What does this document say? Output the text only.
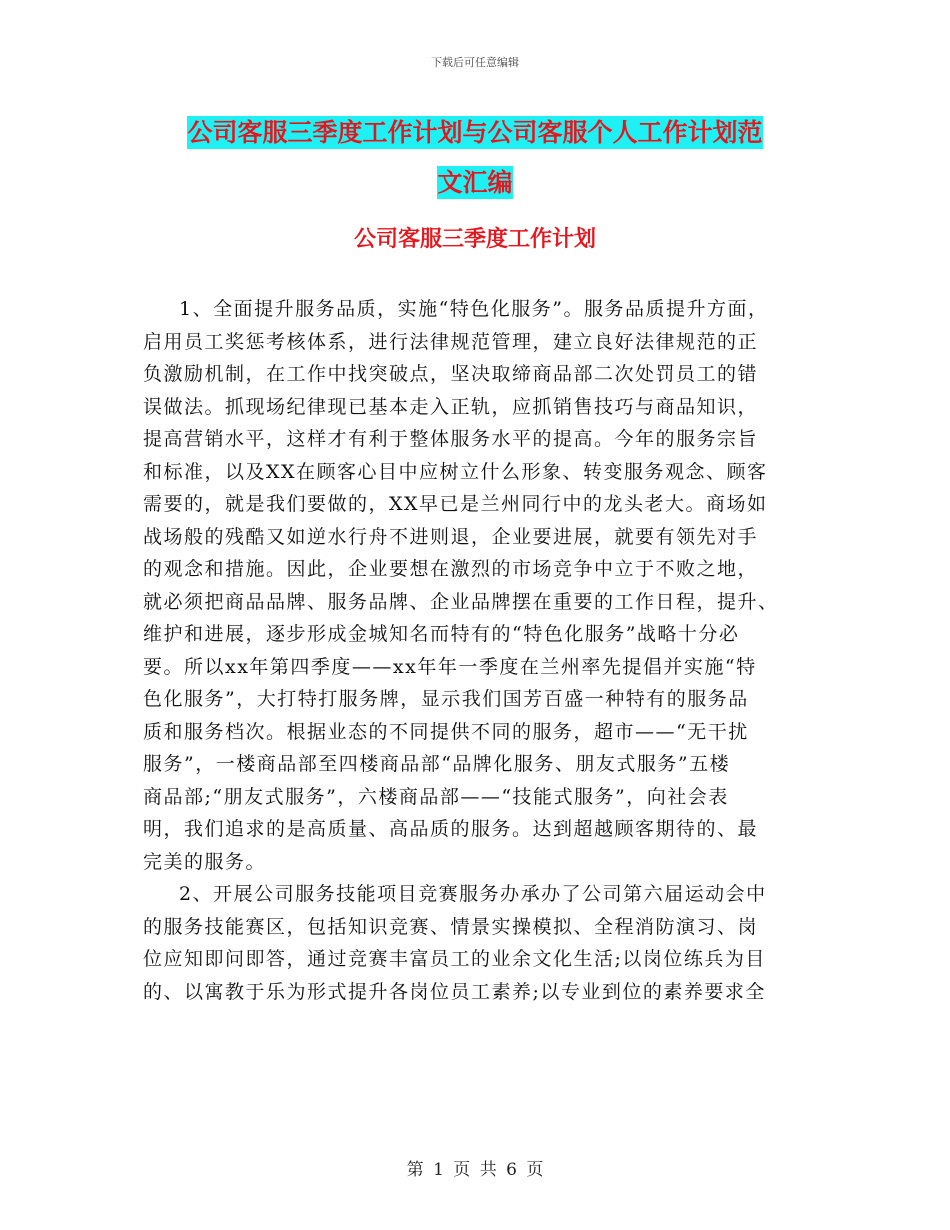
下载后可任意编辑
公司客服三季度工作计划与公司客服个人工作计划范
文汇编
公司客服三季度工作计划
1、全面提升服务品质，实施“特色化服务”。服务品质提升方面，
启用员工奖惩考核体系，进行法律规范管理，建立良好法律规范的正
负激励机制，在工作中找突破点，坚决取缔商品部二次处罚员工的错
误做法。抓现场纪律现已基本走入正轨，应抓销售技巧与商品知识，
提高营销水平，这样才有利于整体服务水平的提高。今年的服务宗旨
和标准，以及XX在顾客心目中应树立什么形象、转变服务观念、顾客
需要的，就是我们要做的，XX早已是兰州同行中的龙头老大。商场如
战场般的残酷又如逆水行舟不进则退，企业要进展，就要有领先对手
的观念和措施。因此，企业要想在激烈的市场竞争中立于不败之地，
就必须把商品品牌、服务品牌、企业品牌摆在重要的工作日程，提升、
维护和进展，逐步形成金城知名而特有的“特色化服务”战略十分必
要。所以xx年第四季度——xx年年一季度在兰州率先提倡并实施“特
色化服务”，大打特打服务牌，显示我们国芳百盛一种特有的服务品
质和服务档次。根据业态的不同提供不同的服务，超市——“无干扰
服务”，一楼商品部至四楼商品部“品牌化服务、朋友式服务”五楼
商品部;“朋友式服务”，六楼商品部——“技能式服务”，向社会表
明，我们追求的是高质量、高品质的服务。达到超越顾客期待的、最
完美的服务。
2、开展公司服务技能项目竞赛服务办承办了公司第六届运动会中
的服务技能赛区，包括知识竞赛、情景实操模拟、全程消防演习、岗
位应知即问即答，通过竞赛丰富员工的业余文化生活;以岗位练兵为目
的、以寓教于乐为形式提升各岗位员工素养;以专业到位的素养要求全
第 1 页 共 6 页
